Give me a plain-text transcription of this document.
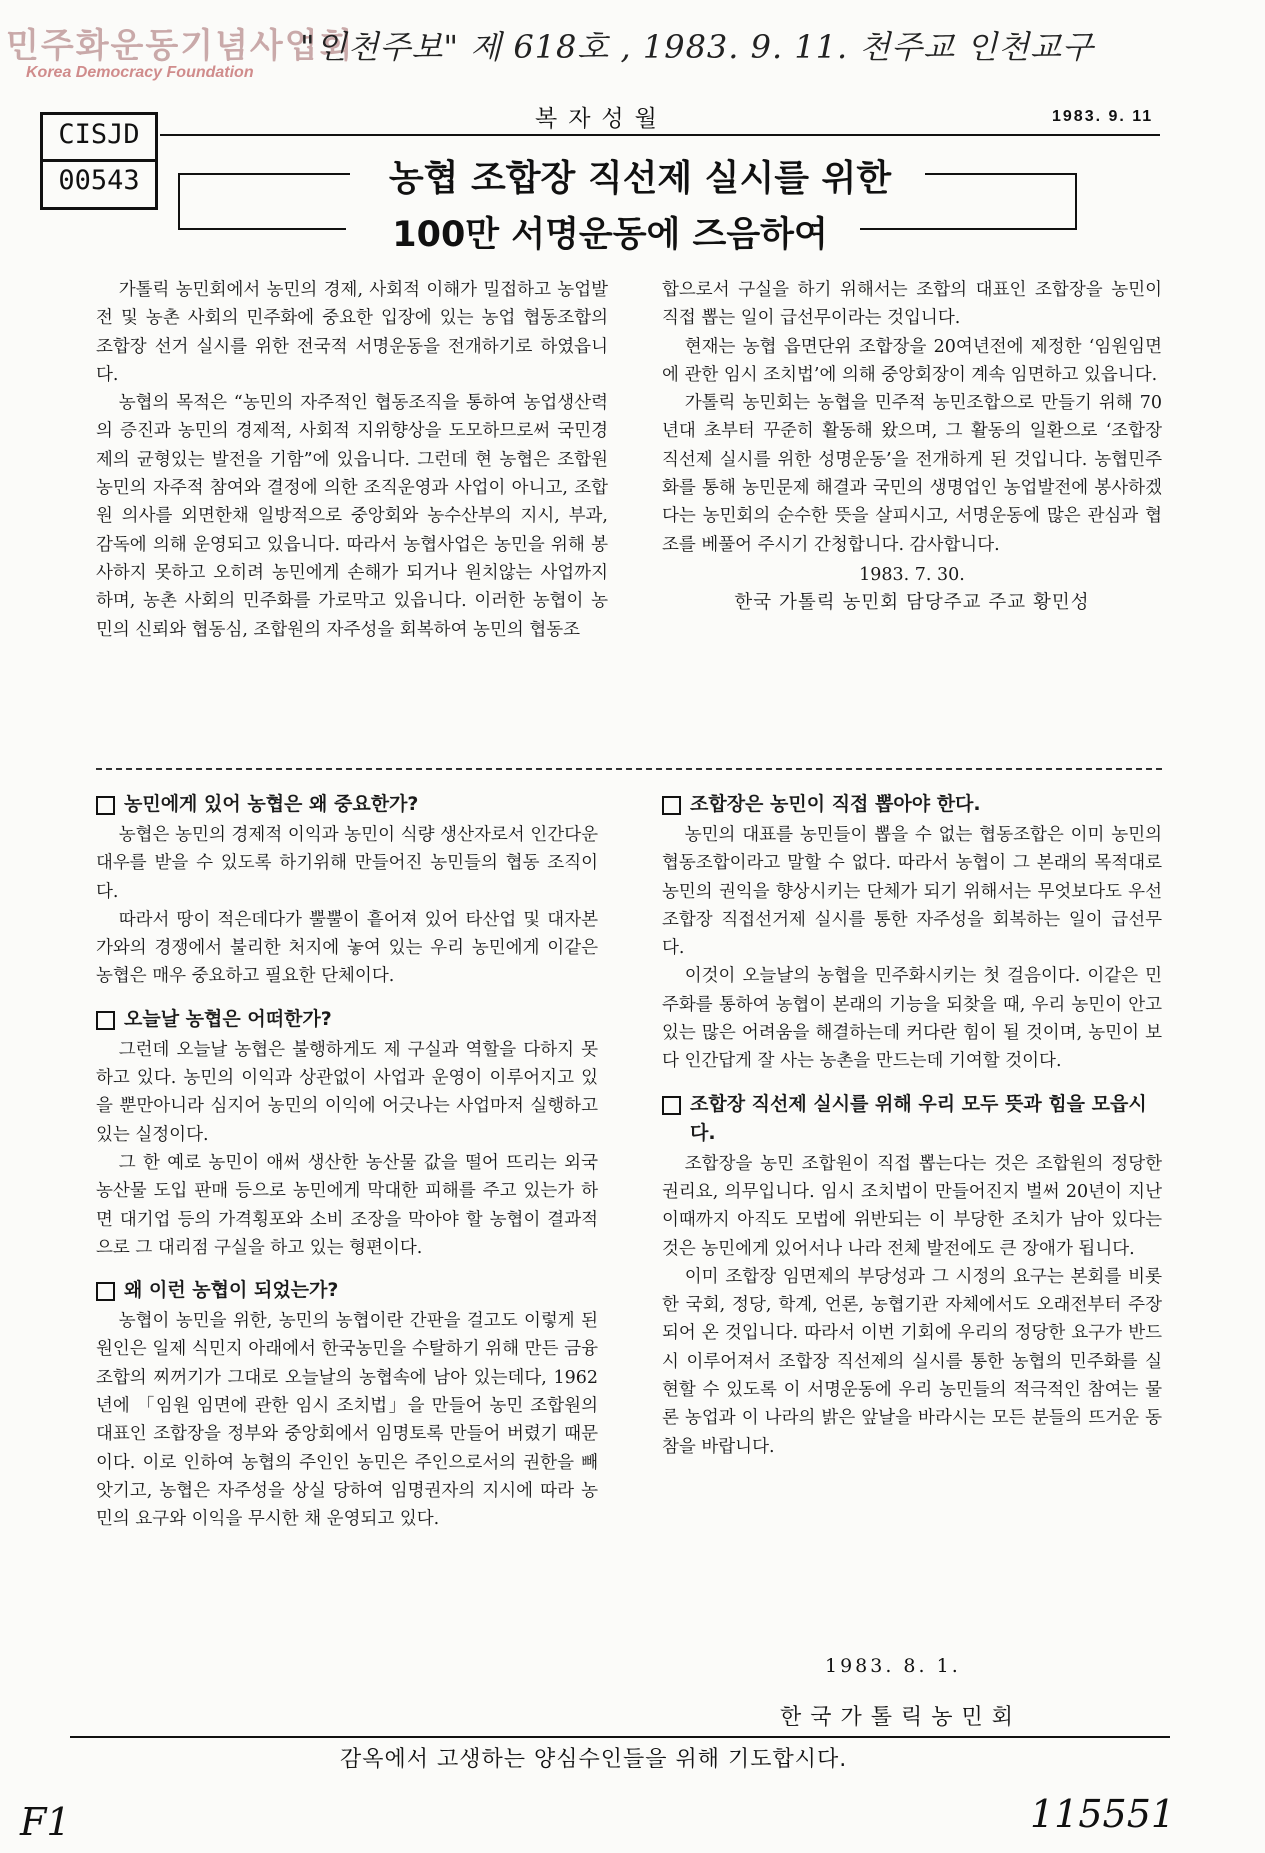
민주화운동기념사업회
Korea Democracy Foundation
"인천주보" 제 618호 , 1983. 9. 11. 천주교 인천교구
CISJD
00543
복자성월	1983. 9. 11
농협 조합장 직선제 실시를 위한
100만 서명운동에 즈음하여

가톨릭 농민회에서 농민의 경제, 사회적 이해가 밀접하고 농업발전 및 농촌 사회의 민주화에 중요한 입장에 있는 농업 협동조합의 조합장 선거 실시를 위한 전국적 서명운동을 전개하기로 하였읍니다.

농협의 목적은 “농민의 자주적인 협동조직을 통하여 농업생산력의 증진과 농민의 경제적, 사회적 지위향상을 도모하므로써 국민경제의 균형있는 발전을 기함”에 있읍니다. 그런데 현 농협은 조합원 농민의 자주적 참여와 결정에 의한 조직운영과 사업이 아니고, 조합원 의사를 외면한채 일방적으로 중앙회와 농수산부의 지시, 부과, 감독에 의해 운영되고 있읍니다. 따라서 농협사업은 농민을 위해 봉사하지 못하고 오히려 농민에게 손해가 되거나 원치않는 사업까지 하며, 농촌 사회의 민주화를 가로막고 있읍니다. 이러한 농협이 농민의 신뢰와 협동심, 조합원의 자주성을 회복하여 농민의 협동조

합으로서 구실을 하기 위해서는 조합의 대표인 조합장을 농민이 직접 뽑는 일이 급선무이라는 것입니다.

현재는 농협 읍면단위 조합장을 20여년전에 제정한 ‘임원임면에 관한 임시 조치법’에 의해 중앙회장이 계속 임면하고 있읍니다.

가톨릭 농민회는 농협을 민주적 농민조합으로 만들기 위해 70년대 초부터 꾸준히 활동해 왔으며, 그 활동의 일환으로 ‘조합장 직선제 실시를 위한 성명운동’을 전개하게 된 것입니다. 농협민주화를 통해 농민문제 해결과 국민의 생명업인 농업발전에 봉사하겠다는 농민회의 순수한 뜻을 살피시고, 서명운동에 많은 관심과 협조를 베풀어 주시기 간청합니다. 감사합니다.

1983. 7. 30.

한국 가톨릭 농민회 담당주교 주교 황민성

농민에게 있어 농협은 왜 중요한가?

농협은 농민의 경제적 이익과 농민이 식량 생산자로서 인간다운 대우를 받을 수 있도록 하기위해 만들어진 농민들의 협동 조직이다.

따라서 땅이 적은데다가 뿔뿔이 흩어져 있어 타산업 및 대자본가와의 경쟁에서 불리한 처지에 놓여 있는 우리 농민에게 이같은 농협은 매우 중요하고 필요한 단체이다.

오늘날 농협은 어떠한가?

그런데 오늘날 농협은 불행하게도 제 구실과 역할을 다하지 못하고 있다. 농민의 이익과 상관없이 사업과 운영이 이루어지고 있을 뿐만아니라 심지어 농민의 이익에 어긋나는 사업마저 실행하고 있는 실정이다.

그 한 예로 농민이 애써 생산한 농산물 값을 떨어 뜨리는 외국 농산물 도입 판매 등으로 농민에게 막대한 피해를 주고 있는가 하면 대기업 등의 가격횡포와 소비 조장을 막아야 할 농협이 결과적으로 그 대리점 구실을 하고 있는 형편이다.

왜 이런 농협이 되었는가?

농협이 농민을 위한, 농민의 농협이란 간판을 걸고도 이렇게 된 원인은 일제 식민지 아래에서 한국농민을 수탈하기 위해 만든 금융조합의 찌꺼기가 그대로 오늘날의 농협속에 남아 있는데다, 1962년에 「임원 임면에 관한 임시 조치법」을 만들어 농민 조합원의 대표인 조합장을 정부와 중앙회에서 임명토록 만들어 버렸기 때문이다. 이로 인하여 농협의 주인인 농민은 주인으로서의 권한을 빼앗기고, 농협은 자주성을 상실 당하여 임명권자의 지시에 따라 농민의 요구와 이익을 무시한 채 운영되고 있다.

조합장은 농민이 직접 뽑아야 한다.

농민의 대표를 농민들이 뽑을 수 없는 협동조합은 이미 농민의 협동조합이라고 말할 수 없다. 따라서 농협이 그 본래의 목적대로 농민의 권익을 향상시키는 단체가 되기 위해서는 무엇보다도 우선 조합장 직접선거제 실시를 통한 자주성을 회복하는 일이 급선무다.

이것이 오늘날의 농협을 민주화시키는 첫 걸음이다. 이같은 민주화를 통하여 농협이 본래의 기능을 되찾을 때, 우리 농민이 안고 있는 많은 어려움을 해결하는데 커다란 힘이 될 것이며, 농민이 보다 인간답게 잘 사는 농촌을 만드는데 기여할 것이다.

조합장 직선제 실시를 위해 우리 모두 뜻과 힘을 모읍시다.

조합장을 농민 조합원이 직접 뽑는다는 것은 조합원의 정당한 권리요, 의무입니다. 임시 조치법이 만들어진지 벌써 20년이 지난 이때까지 아직도 모법에 위반되는 이 부당한 조치가 남아 있다는 것은 농민에게 있어서나 나라 전체 발전에도 큰 장애가 됩니다.

이미 조합장 임면제의 부당성과 그 시정의 요구는 본회를 비롯한 국회, 정당, 학계, 언론, 농협기관 자체에서도 오래전부터 주장되어 온 것입니다. 따라서 이번 기회에 우리의 정당한 요구가 반드시 이루어져서 조합장 직선제의 실시를 통한 농협의 민주화를 실현할 수 있도록 이 서명운동에 우리 농민들의 적극적인 참여는 물론 농업과 이 나라의 밝은 앞날을 바라시는 모든 분들의 뜨거운 동참을 바랍니다.

1983. 8. 1.
한국가톨릭농민회
감옥에서 고생하는 양심수인들을 위해 기도합시다.
F1	115551
